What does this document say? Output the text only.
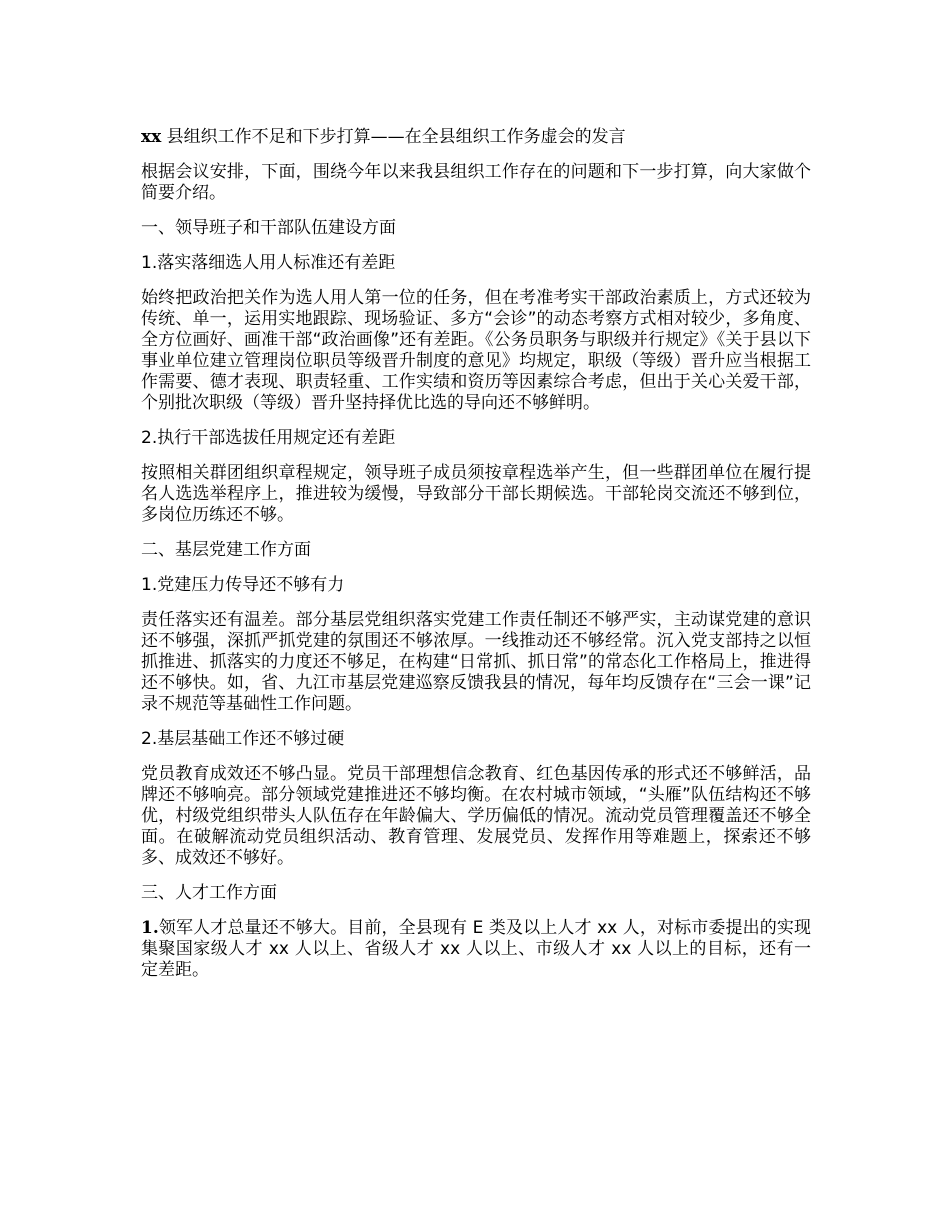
xx 县组织工作不足和下步打算——在全县组织工作务虚会的发言

根据会议安排，下面，围绕今年以来我县组织工作存在的问题和下一步打算，向大家做个简要介绍。

一、领导班子和干部队伍建设方面

1.落实落细选人用人标准还有差距

始终把政治把关作为选人用人第一位的任务，但在考准考实干部政治素质上，方式还较为传统、单一，运用实地跟踪、现场验证、多方“会诊”的动态考察方式相对较少，多角度、全方位画好、画准干部“政治画像”还有差距。《公务员职务与职级并行规定》《关于县以下事业单位建立管理岗位职员等级晋升制度的意见》均规定，职级（等级）晋升应当根据工作需要、德才表现、职责轻重、工作实绩和资历等因素综合考虑，但出于关心关爱干部，个别批次职级（等级）晋升坚持择优比选的导向还不够鲜明。

2.执行干部选拔任用规定还有差距

按照相关群团组织章程规定，领导班子成员须按章程选举产生，但一些群团单位在履行提名人选选举程序上，推进较为缓慢，导致部分干部长期候选。干部轮岗交流还不够到位，多岗位历练还不够。

二、基层党建工作方面

1.党建压力传导还不够有力

责任落实还有温差。部分基层党组织落实党建工作责任制还不够严实，主动谋党建的意识还不够强，深抓严抓党建的氛围还不够浓厚。一线推动还不够经常。沉入党支部持之以恒抓推进、抓落实的力度还不够足，在构建“日常抓、抓日常”的常态化工作格局上，推进得还不够快。如，省、九江市基层党建巡察反馈我县的情况，每年均反馈存在“三会一课”记录不规范等基础性工作问题。

2.基层基础工作还不够过硬

党员教育成效还不够凸显。党员干部理想信念教育、红色基因传承的形式还不够鲜活，品牌还不够响亮。部分领域党建推进还不够均衡。在农村城市领域，“头雁”队伍结构还不够优，村级党组织带头人队伍存在年龄偏大、学历偏低的情况。流动党员管理覆盖还不够全面。在破解流动党员组织活动、教育管理、发展党员、发挥作用等难题上，探索还不够多、成效还不够好。

三、人才工作方面

1.领军人才总量还不够大。目前，全县现有 E 类及以上人才 xx 人，对标市委提出的实现集聚国家级人才 xx 人以上、省级人才 xx 人以上、市级人才 xx 人以上的目标，还有一定差距。
